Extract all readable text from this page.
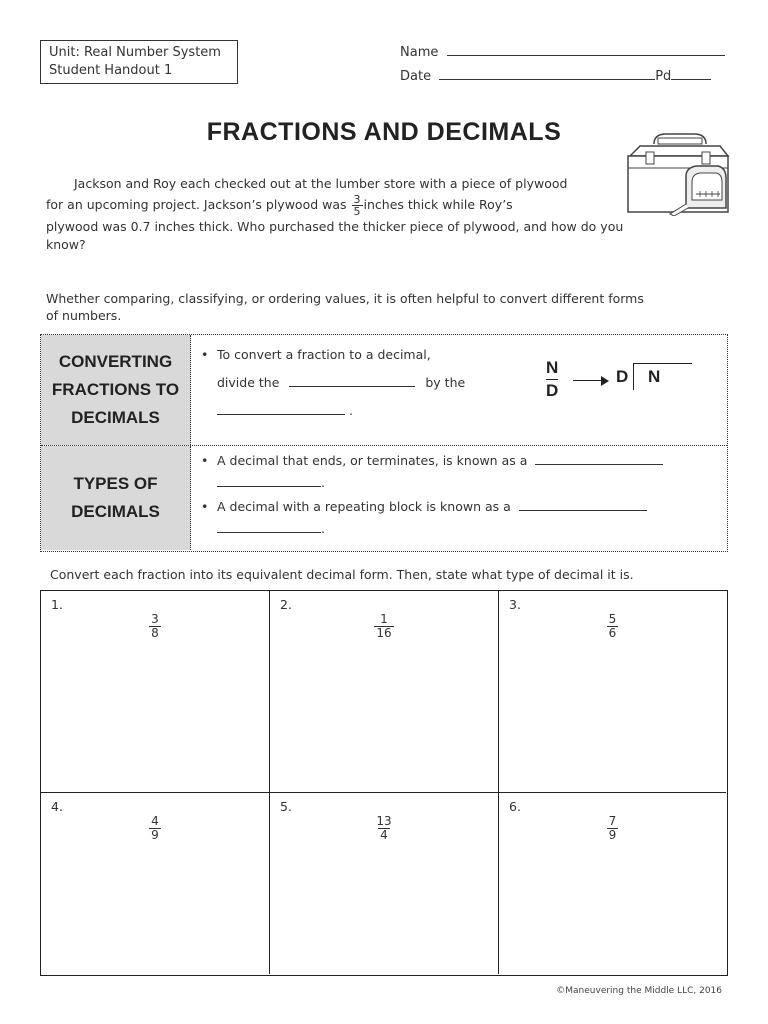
Unit: Real Number System
Student Handout 1
Name
Date	Pd
FRACTIONS AND DECIMALS
Jackson and Roy each checked out at the lumber store with a piece of plywood
for an upcoming project. Jackson’s plywood was $\frac{3}{5}$ inches thick while Roy’s
plywood was 0.7 inches thick. Who purchased the thicker piece of plywood, and how do you
know?
Whether comparing, classifying, or ordering values, it is often helpful to convert different forms
of numbers.
CONVERTING
FRACTIONS TO
DECIMALS
• To convert a fraction to a decimal,
divide the	by the
.
$\frac{N}{D}$	D N
TYPES OF
DECIMALS
• A decimal that ends, or terminates, is known as a
.
• A decimal with a repeating block is known as a
.
Convert each fraction into its equivalent decimal form. Then, state what type of decimal it is.
1.
$\frac{3}{8}$
2.
$\frac{1}{16}$
3.
$\frac{5}{6}$
4.
$\frac{4}{9}$
5.
$\frac{13}{4}$
6.
$\frac{7}{9}$
©Maneuvering the Middle LLC, 2016
